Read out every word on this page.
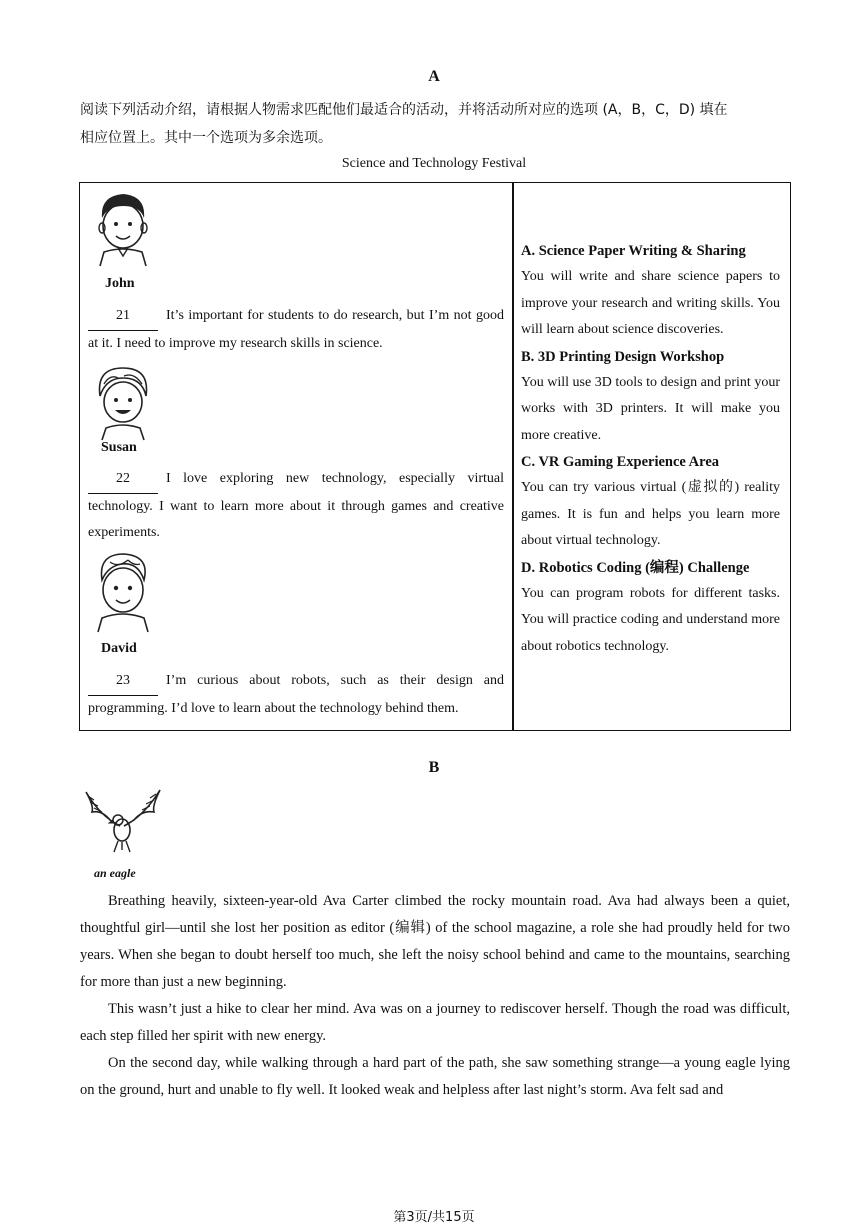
A
阅读下列活动介绍，请根据人物需求匹配他们最适合的活动，并将活动所对应的选项 (A，B，C，D) 填在
相应位置上。其中一个选项为多余选项。
Science and Technology Festival
John
21	It’s important for students to do research, but I’m not good at it. I need to improve my research skills in science.
Susan
22	I love exploring new technology, especially virtual technology. I want to learn more about it through games and creative experiments.
David
23	I’m curious about robots, such as their design and programming. I’d love to learn about the technology behind them.
A. Science Paper Writing & Sharing
You will write and share science papers to improve your research and writing skills. You will learn about science discoveries.
B. 3D Printing Design Workshop
You will use 3D tools to design and print your works with 3D printers. It will make you more creative.
C. VR Gaming Experience Area
You can try various virtual (虚拟的) reality games. It is fun and helps you learn more about virtual technology.
D. Robotics Coding (编程) Challenge
You can program robots for different tasks. You will practice coding and understand more about robotics technology.
B
an eagle
Breathing heavily, sixteen-year-old Ava Carter climbed the rocky mountain road. Ava had always been a quiet, thoughtful girl—until she lost her position as editor (编辑) of the school magazine, a role she had proudly held for two years. When she began to doubt herself too much, she left the noisy school behind and came to the mountains, searching for more than just a new beginning.
This wasn’t just a hike to clear her mind. Ava was on a journey to rediscover herself. Though the road was difficult, each step filled her spirit with new energy.
On the second day, while walking through a hard part of the path, she saw something strange—a young eagle lying on the ground, hurt and unable to fly well. It looked weak and helpless after last night’s storm. Ava felt sad and
第3页/共15页
